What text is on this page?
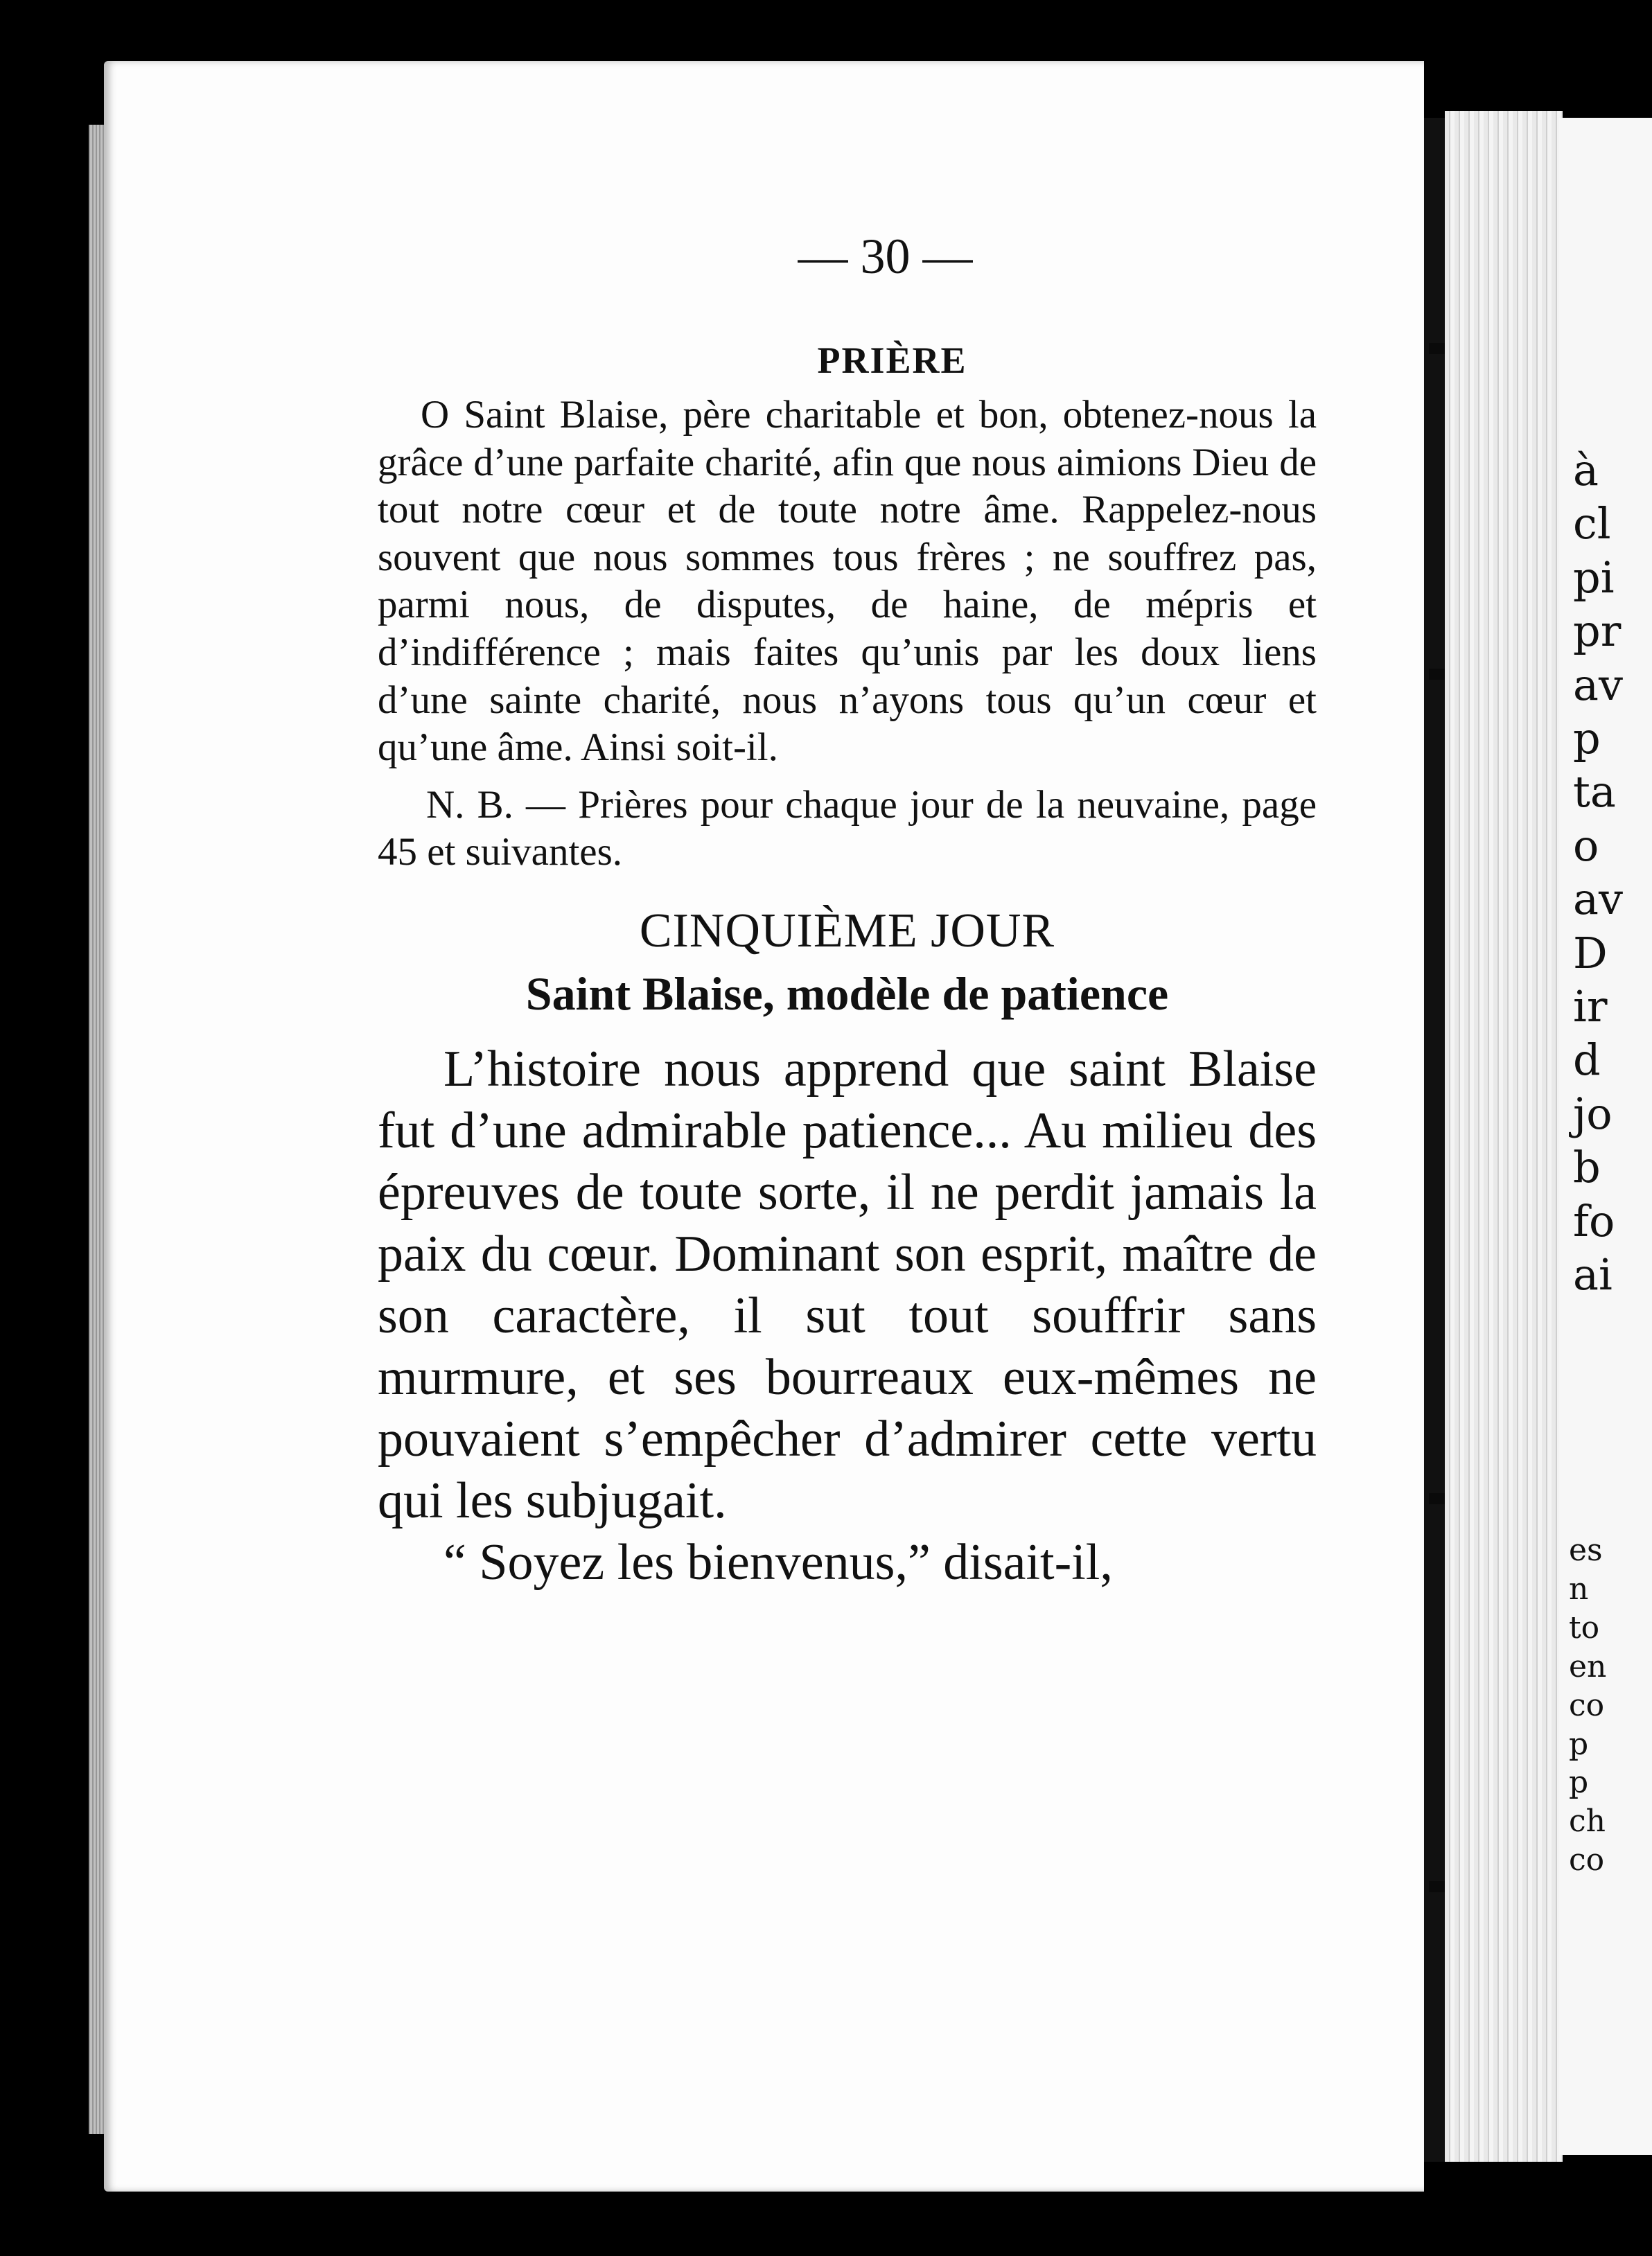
à
cl
pi
pr
av
p
ta
o
av
D
ir
d
jo
b
fo
ai
es
n
to
en
co
p
p
ch
co
— 30 —
PRIÈRE

O Saint Blaise, père charitable et bon, obtenez-nous la grâce d’une parfaite charité, afin que nous aimions Dieu de tout notre cœur et de toute notre âme. Rappelez-nous souvent que nous sommes tous frères ; ne souffrez pas, parmi nous, de disputes, de haine, de mépris et d’indifférence ; mais faites qu’unis par les doux liens d’une sainte charité, nous n’ayons tous qu’un cœur et qu’une âme. Ainsi soit-il.

N. B. — Prières pour chaque jour de la neuvaine, page 45 et suivantes.

CINQUIÈME JOUR
Saint Blaise, modèle de patience

L’histoire nous apprend que saint Blaise fut d’une admirable patience... Au milieu des épreuves de toute sorte, il ne perdit jamais la paix du cœur. Dominant son esprit, maître de son caractère, il sut tout souffrir sans murmure, et ses bourreaux eux-mêmes ne pouvaient s’empêcher d’admirer cette vertu qui les subjugait.

“ Soyez les bienvenus,” disait-il,
